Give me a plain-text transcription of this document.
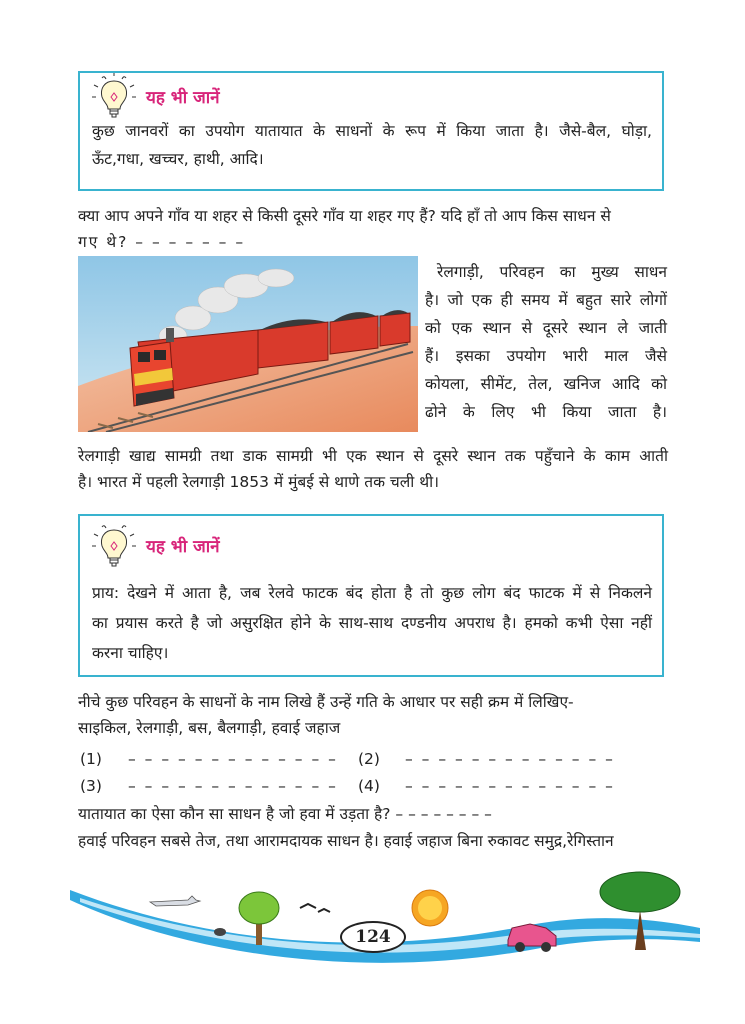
यह भी जानें
कुछ जानवरों का उपयोग यातायात के साधनों के रूप में किया जाता है। जैसे-बैल, घोड़ा,
ऊँट,गधा, खच्चर, हाथी, आदि।
क्या आप अपने गाँव या शहर से किसी दूसरे गाँव या शहर गए हैं? यदि हाँ तो आप किस साधन से
गए थे? – – – – – – –
रेलगाड़ी, परिवहन का मुख्य साधन
है। जो एक ही समय में बहुत सारे लोगों
को एक स्थान से दूसरे स्थान ले जाती
हैं। इसका उपयोग भारी माल जैसे
कोयला, सीमेंट, तेल, खनिज आदि को
ढोने के लिए भी किया जाता है।
रेलगाड़ी खाद्य सामग्री तथा डाक सामग्री भी एक स्थान से दूसरे स्थान तक पहुँचाने के काम आती
है। भारत में पहली रेलगाड़ी 1853 में मुंबई से थाणे तक चली थी।
यह भी जानें
प्राय: देखने में आता है, जब रेलवे फाटक बंद होता है तो कुछ लोग बंद फाटक में से निकलने
का प्रयास करते है जो असुरक्षित होने के साथ-साथ दण्डनीय अपराध है। हमको कभी ऐसा नहीं
करना चाहिए।
नीचे कुछ परिवहन के साधनों के नाम लिखे हैं उन्हें गति के आधार पर सही क्रम में लिखिए-
साइकिल, रेलगाड़ी, बस, बैलगाड़ी, हवाई जहाज
(1) – – – – – – – – – – – – – (2) – – – – – – – – – – – – –
(3) – – – – – – – – – – – – – (4) – – – – – – – – – – – – –
यातायात का ऐसा कौन सा साधन है जो हवा में उड़ता है? – – – – – – – –
हवाई परिवहन सबसे तेज, तथा आरामदायक साधन है। हवाई जहाज बिना रुकावट समुद्र,रेगिस्तान
124
